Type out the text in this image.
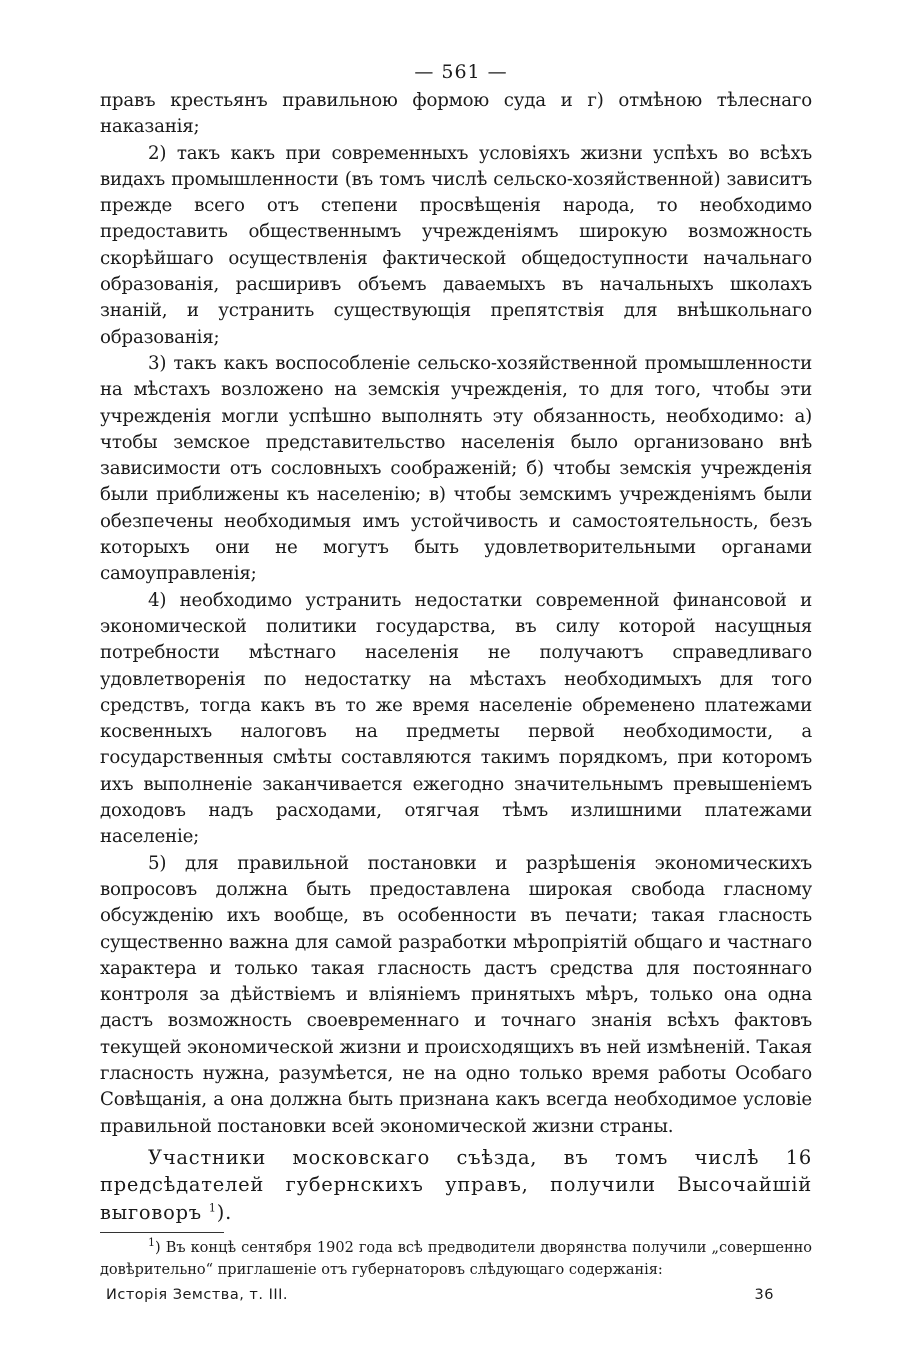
— 561 —

правъ крестьянъ правильною формою суда и г) отмѣною тѣлеснаго наказанія;

2) такъ какъ при современныхъ условіяхъ жизни успѣхъ во всѣхъ видахъ промышленности (въ томъ числѣ сельско-хозяйственной) зависитъ прежде всего отъ степени просвѣщенія народа, то необходимо предоставить общественнымъ учрежденіямъ широкую возможность скорѣйшаго осуществленія фактической общедоступности начальнаго образованія, расширивъ объемъ даваемыхъ въ начальныхъ школахъ знаній, и устранить существующія препятствія для внѣшкольнаго образованія;

3) такъ какъ воспособленіе сельско-хозяйственной промышленности на мѣстахъ возложено на земскія учрежденія, то для того, чтобы эти учрежденія могли успѣшно выполнять эту обязанность, необходимо: а) чтобы земское представительство населенія было организовано внѣ зависимости отъ сословныхъ соображеній; б) чтобы земскія учрежденія были приближены къ населенію; в) чтобы земскимъ учрежденіямъ были обезпечены необходимыя имъ устойчивость и самостоятельность, безъ которыхъ они не могутъ быть удовлетворительными органами самоуправленія;

4) необходимо устранить недостатки современной финансовой и экономической политики государства, въ силу которой насущныя потребности мѣстнаго населенія не получаютъ справедливаго удовлетворенія по недостатку на мѣстахъ необходимыхъ для того средствъ, тогда какъ въ то же время населеніе обременено платежами косвенныхъ налоговъ на предметы первой необходимости, а государственныя смѣты составляются такимъ порядкомъ, при которомъ ихъ выполненіе заканчивается ежегодно значительнымъ превышеніемъ доходовъ надъ расходами, отягчая тѣмъ излишними платежами населеніе;

5) для правильной постановки и разрѣшенія экономическихъ вопросовъ должна быть предоставлена широкая свобода гласному обсужденію ихъ вообще, въ особенности въ печати; такая гласность существенно важна для самой разработки мѣропріятій общаго и частнаго характера и только такая гласность дастъ средства для постояннаго контроля за дѣйствіемъ и вліяніемъ принятыхъ мѣръ, только она одна дастъ возможность своевременнаго и точнаго знанія всѣхъ фактовъ текущей экономической жизни и происходящихъ въ ней измѣненій. Такая гласность нужна, разумѣется, не на одно только время работы Особаго Совѣщанія, а она должна быть признана какъ всегда необходимое условіе правильной постановки всей экономической жизни страны.

Участники московскаго съѣзда, въ томъ числѣ 16 предсѣдателей губернскихъ управъ, получили Высочайшій выговоръ $^1$).

$^1$) Въ концѣ сентября 1902 года всѣ предводители дворянства получили „совершенно довѣрительно“ приглашеніе отъ губернаторовъ слѣдующаго содержанія:
Исторія Земства, т. III.	36
